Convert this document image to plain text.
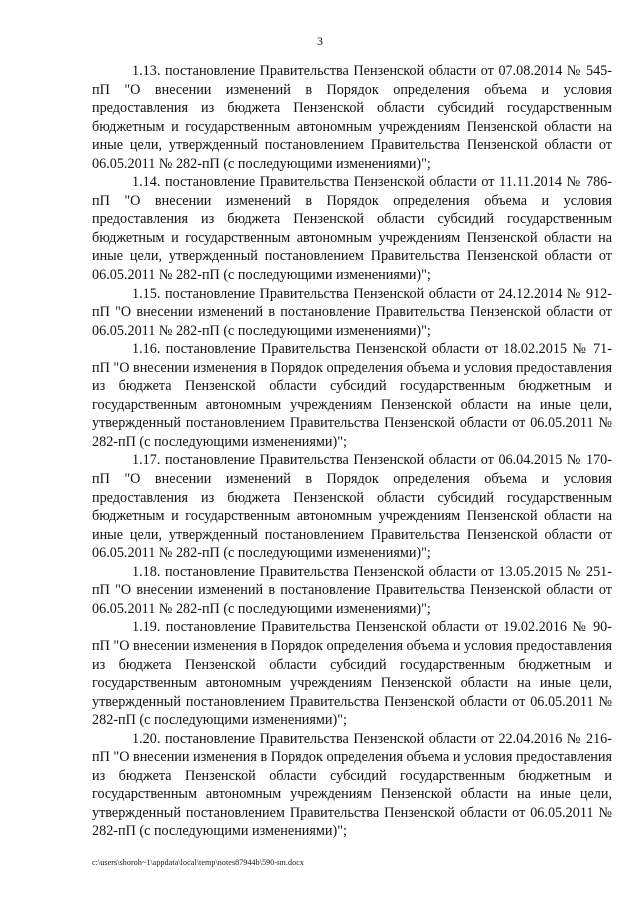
3

1.13. постановление Правительства Пензенской области от 07.08.2014 № 545-пП "О внесении изменений в Порядок определения объема и условия предоставления из бюджета Пензенской области субсидий государственным бюджетным и государственным автономным учреждениям Пензенской области на иные цели, утвержденный постановлением Правительства Пензенской области от 06.05.2011 № 282-пП (с последующими изменениями)";

1.14. постановление Правительства Пензенской области от 11.11.2014 № 786-пП "О внесении изменений в Порядок определения объема и условия предоставления из бюджета Пензенской области субсидий государственным бюджетным и государственным автономным учреждениям Пензенской области на иные цели, утвержденный постановлением Правительства Пензенской области от 06.05.2011 № 282-пП (с последующими изменениями)";

1.15. постановление Правительства Пензенской области от 24.12.2014 № 912-пП "О внесении изменений в постановление Правительства Пензенской области от 06.05.2011 № 282-пП (с последующими изменениями)";

1.16. постановление Правительства Пензенской области от 18.02.2015 № 71-пП "О внесении изменения в Порядок определения объема и условия предоставления из бюджета Пензенской области субсидий государственным бюджетным и государственным автономным учреждениям Пензенской области на иные цели, утвержденный постановлением Правительства Пензенской области от 06.05.2011 № 282-пП (с последующими изменениями)";

1.17. постановление Правительства Пензенской области от 06.04.2015 № 170-пП "О внесении изменений в Порядок определения объема и условия предоставления из бюджета Пензенской области субсидий государственным бюджетным и государственным автономным учреждениям Пензенской области на иные цели, утвержденный постановлением Правительства Пензенской области от 06.05.2011 № 282-пП (с последующими изменениями)";

1.18. постановление Правительства Пензенской области от 13.05.2015 № 251-пП "О внесении изменений в постановление Правительства Пензенской области от 06.05.2011 № 282-пП (с последующими изменениями)";

1.19. постановление Правительства Пензенской области от 19.02.2016 № 90-пП "О внесении изменения в Порядок определения объема и условия предоставления из бюджета Пензенской области субсидий государственным бюджетным и государственным автономным учреждениям Пензенской области на иные цели, утвержденный постановлением Правительства Пензенской области от 06.05.2011 № 282-пП (с последующими изменениями)";

1.20. постановление Правительства Пензенской области от 22.04.2016 № 216-пП "О внесении изменения в Порядок определения объема и условия предоставления из бюджета Пензенской области субсидий государственным бюджетным и государственным автономным учреждениям Пензенской области на иные цели, утвержденный постановлением Правительства Пензенской области от 06.05.2011 № 282-пП (с последующими изменениями)";

c:\users\shoroh~1\appdata\local\temp\notes87944b\590-нп.docx
